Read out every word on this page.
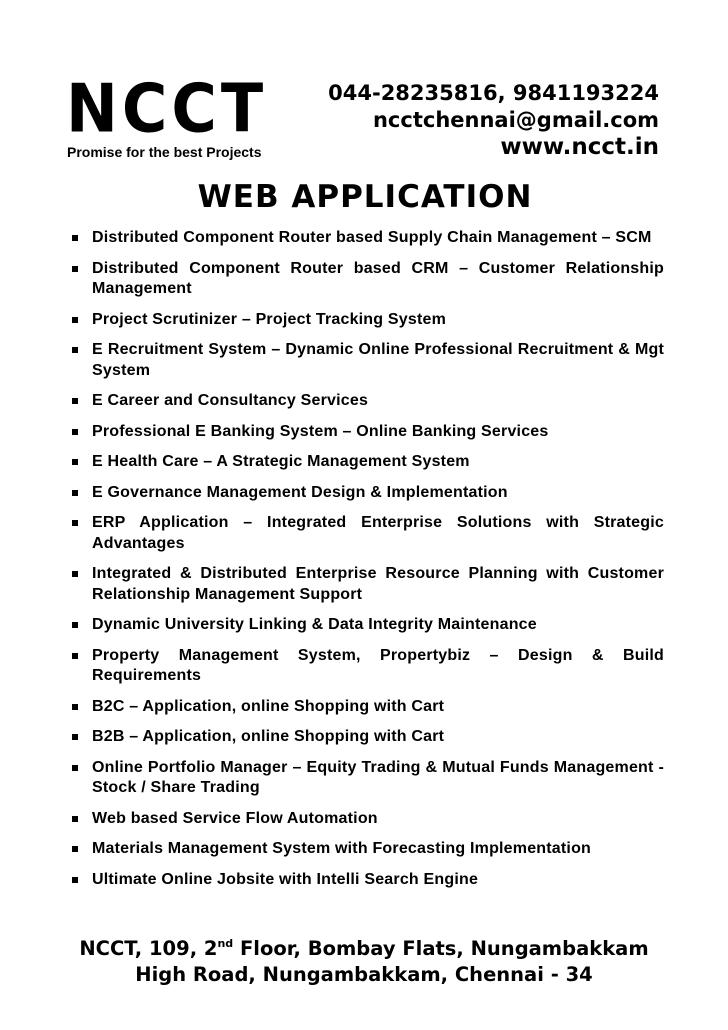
NCCT
Promise for the best Projects
044-28235816, 9841193224
ncctchennai@gmail.com
www.ncct.in
WEB APPLICATION
Distributed Component Router based Supply Chain Management – SCM
Distributed Component Router based CRM – Customer Relationship Management
Project Scrutinizer – Project Tracking System
E Recruitment System – Dynamic Online Professional Recruitment & Mgt System
E Career and Consultancy Services
Professional E Banking System – Online Banking Services
E Health Care – A Strategic Management System
E Governance Management Design & Implementation
ERP Application – Integrated Enterprise Solutions with Strategic Advantages
Integrated & Distributed Enterprise Resource Planning with Customer Relationship Management Support
Dynamic University Linking & Data Integrity Maintenance
Property Management System, Propertybiz – Design & Build Requirements
B2C – Application, online Shopping with Cart
B2B – Application, online Shopping with Cart
Online Portfolio Manager – Equity Trading & Mutual Funds Management - Stock / Share Trading
Web based Service Flow Automation
Materials Management System with Forecasting Implementation
Ultimate Online Jobsite with Intelli Search Engine
NCCT, 109, 2nd Floor, Bombay Flats, Nungambakkam
High Road, Nungambakkam, Chennai - 34
